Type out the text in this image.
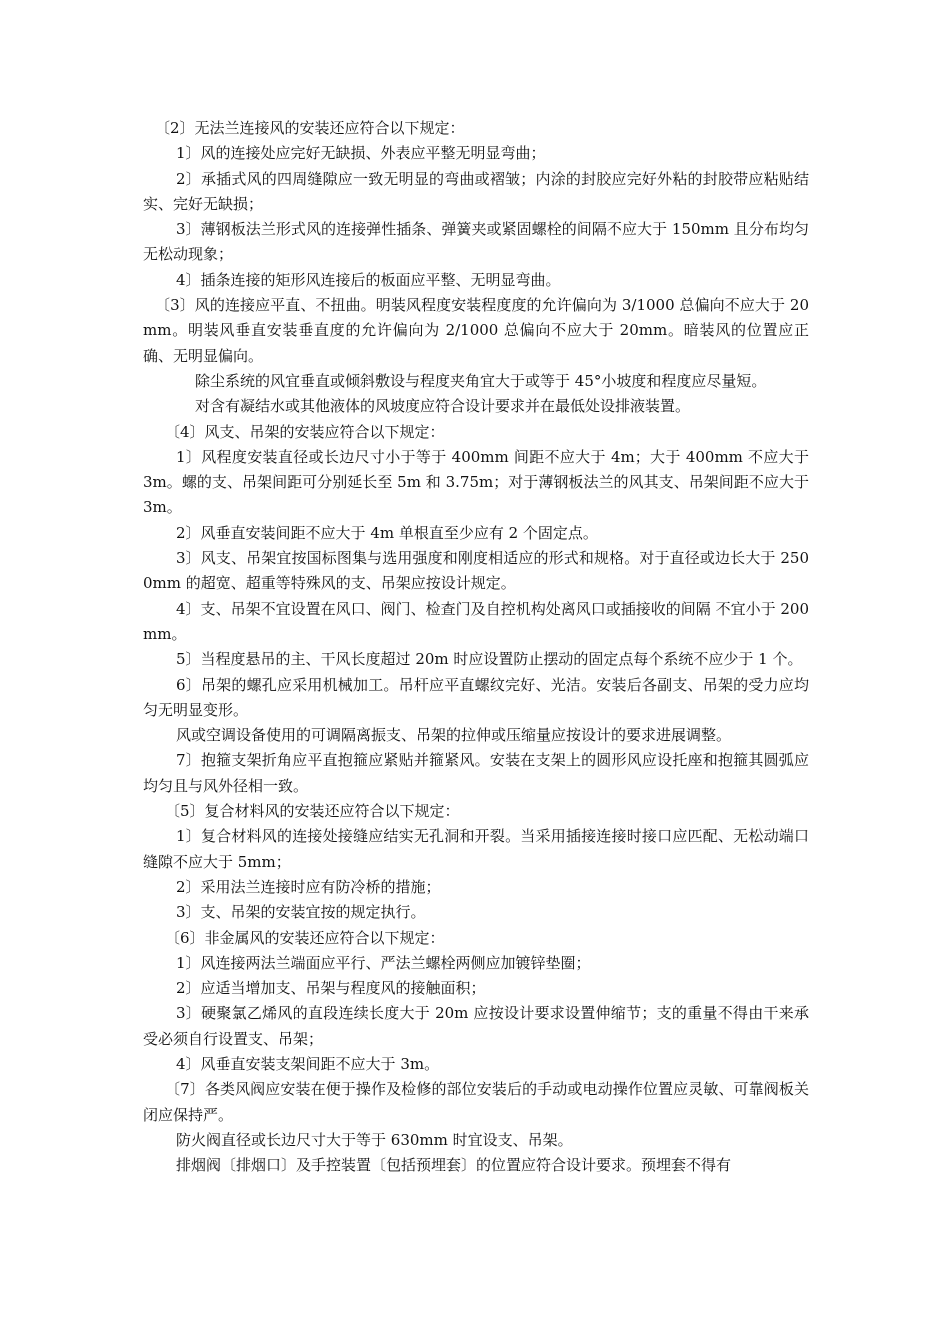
〔2〕无法兰连接风的安装还应符合以下规定：

1〕风的连接处应完好无缺损、外表应平整无明显弯曲；

2〕承插式风的四周缝隙应一致无明显的弯曲或褶皱；内涂的封胶应完好外粘的封胶带应粘贴结实、完好无缺损；

3〕薄钢板法兰形式风的连接弹性插条、弹簧夹或紧固螺栓的间隔不应大于 150mm 且分布均匀无松动现象；

4〕插条连接的矩形风连接后的板面应平整、无明显弯曲。

〔3〕风的连接应平直、不扭曲。明装风程度安装程度度的允许偏向为 3/1000 总偏向不应大于 20mm。明装风垂直安装垂直度的允许偏向为 2/1000 总偏向不应大于 20mm。暗装风的位置应正确、无明显偏向。

除尘系统的风宜垂直或倾斜敷设与程度夹角宜大于或等于 45°小坡度和程度应尽量短。

对含有凝结水或其他液体的风坡度应符合设计要求并在最低处设排液装置。

〔4〕风支、吊架的安装应符合以下规定：

1〕风程度安装直径或长边尺寸小于等于 400mm 间距不应大于 4m；大于 400mm 不应大于 3m。螺的支、吊架间距可分别延长至 5m 和 3.75m；对于薄钢板法兰的风其支、吊架间距不应大于 3m。

2〕风垂直安装间距不应大于 4m 单根直至少应有 2 个固定点。

3〕风支、吊架宜按国标图集与选用强度和刚度相适应的形式和规格。对于直径或边长大于 2500mm 的超宽、超重等特殊风的支、吊架应按设计规定。

4〕支、吊架不宜设置在风口、阀门、检查门及自控机构处离风口或插接收的间隔 不宜小于 200mm。

5〕当程度悬吊的主、干风长度超过 20m 时应设置防止摆动的固定点每个系统不应少于 1 个。

6〕吊架的螺孔应采用机械加工。吊杆应平直螺纹完好、光洁。安装后各副支、吊架的受力应均匀无明显变形。

风或空调设备使用的可调隔离振支、吊架的拉伸或压缩量应按设计的要求进展调整。

7〕抱箍支架折角应平直抱箍应紧贴并箍紧风。安装在支架上的圆形风应设托座和抱箍其圆弧应均匀且与风外径相一致。

〔5〕复合材料风的安装还应符合以下规定：

1〕复合材料风的连接处接缝应结实无孔洞和开裂。当采用插接连接时接口应匹配、无松动端口缝隙不应大于 5mm；

2〕采用法兰连接时应有防冷桥的措施；

3〕支、吊架的安装宜按的规定执行。

〔6〕非金属风的安装还应符合以下规定：

1〕风连接两法兰端面应平行、严法兰螺栓两侧应加镀锌垫圈；

2〕应适当增加支、吊架与程度风的接触面积；

3〕硬聚氯乙烯风的直段连续长度大于 20m 应按设计要求设置伸缩节；支的重量不得由干来承受必须自行设置支、吊架；

4〕风垂直安装支架间距不应大于 3m。

〔7〕各类风阀应安装在便于操作及检修的部位安装后的手动或电动操作位置应灵敏、可靠阀板关闭应保持严。

防火阀直径或长边尺寸大于等于 630mm 时宜设支、吊架。

排烟阀〔排烟口〕及手控装置〔包括预埋套〕的位置应符合设计要求。预埋套不得有
